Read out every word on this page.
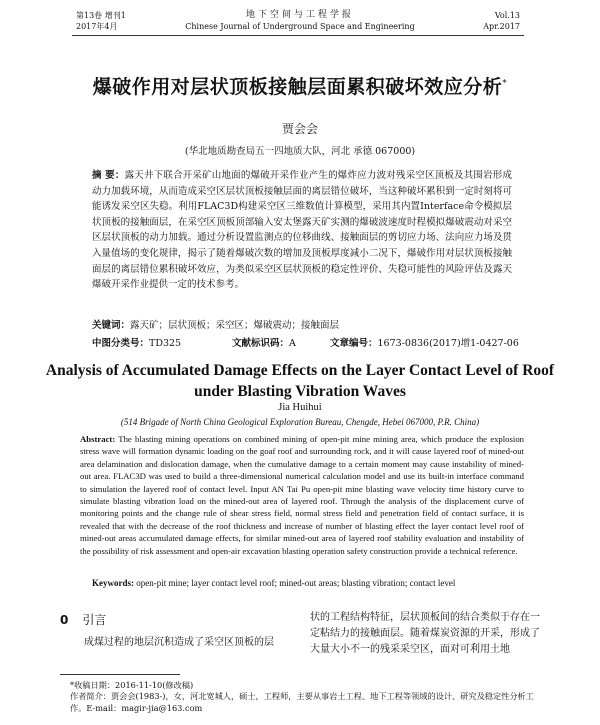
第13卷 增刊1
2017年4月
地下空间与工程学报
Chinese Journal of Underground Space and Engineering
Vol.13
Apr.2017
爆破作用对层状顶板接触层面累积破坏效应分析*
贾会会
(华北地质勘查局五一四地质大队，河北 承德 067000)
摘 要：露天井下联合开采矿山地面的爆破开采作业产生的爆炸应力波对残采空区顶板及其围岩形成动力加载环境，从而造成采空区层状顶板接触层面的离层错位破坏，当这种破坏累积到一定时刻将可能诱发采空区失稳。利用FLAC3D构建采空区三维数值计算模型，采用其内置Interface命令模拟层状顶板的接触面层，在采空区顶板顶部输入安太堡露天矿实测的爆破波速度时程模拟爆破震动对采空区层状顶板的动力加载。通过分析设置监测点的位移曲线、接触面层的剪切应力场、法向应力场及贯入量值场的变化规律，揭示了随着爆破次数的增加及顶板厚度减小二况下，爆破作用对层状顶板接触面层的离层错位累积破坏效应，为类似采空区层状顶板的稳定性评价、失稳可能性的风险评估及露天爆破开采作业提供一定的技术参考。
关键词：露天矿；层状顶板；采空区；爆破震动；接触面层
中图分类号：TD325	文献标识码：A	文章编号：1673-0836(2017)增1-0427-06
Analysis of Accumulated Damage Effects on the Layer Contact Level of Roof under Blasting Vibration Waves
Jia Huihui
(514 Brigade of North China Geological Exploration Bureau, Chengde, Hebei 067000, P.R. China)
Abstract: The blasting mining operations on combined mining of open-pit mine mining area, which produce the explosion stress wave will formation dynamic loading on the goaf roof and surrounding rock, and it will cause layered roof of mined-out area delamination and dislocation damage, when the cumulative damage to a certain moment may cause instability of mined-out area. FLAC3D was used to build a three-dimensional numerical calculation model and use its built-in interface command to simulation the layered roof of contact level. Input AN Tai Pu open-pit mine blasting wave velocity time history curve to simulate blasting vibration load on the mined-out area of layered roof. Through the analysis of the displacement curve of monitoring points and the change rule of shear stress field, normal stress field and penetration field of contact surface, it is revealed that with the decrease of the roof thickness and increase of number of blasting effect the layer contact level roof of mined-out areas accumulated damage effects, for similar mined-out area of layered roof stability evaluation and instability of the possibility of risk assessment and open-air excavation blasting operation safety construction provide a technical reference.
Keywords: open-pit mine; layer contact level roof; mined-out areas; blasting vibration; contact level
0 引言
成煤过程的地层沉积造成了采空区顶板的层
状的工程结构特征，层状顶板间的结合类似于存在一定粘结力的接触面层。随着煤炭资源的开采，形成了大量大小不一的残采采空区，面对可利用土地
*收稿日期：2016-11-10(修改稿)
作者简介：贾会会(1983-)，女，河北宽城人，硕士，工程师，主要从事岩土工程、地下工程等领域的设计、研究及稳定性分析工作。E-mail：magir-jia@163.com
